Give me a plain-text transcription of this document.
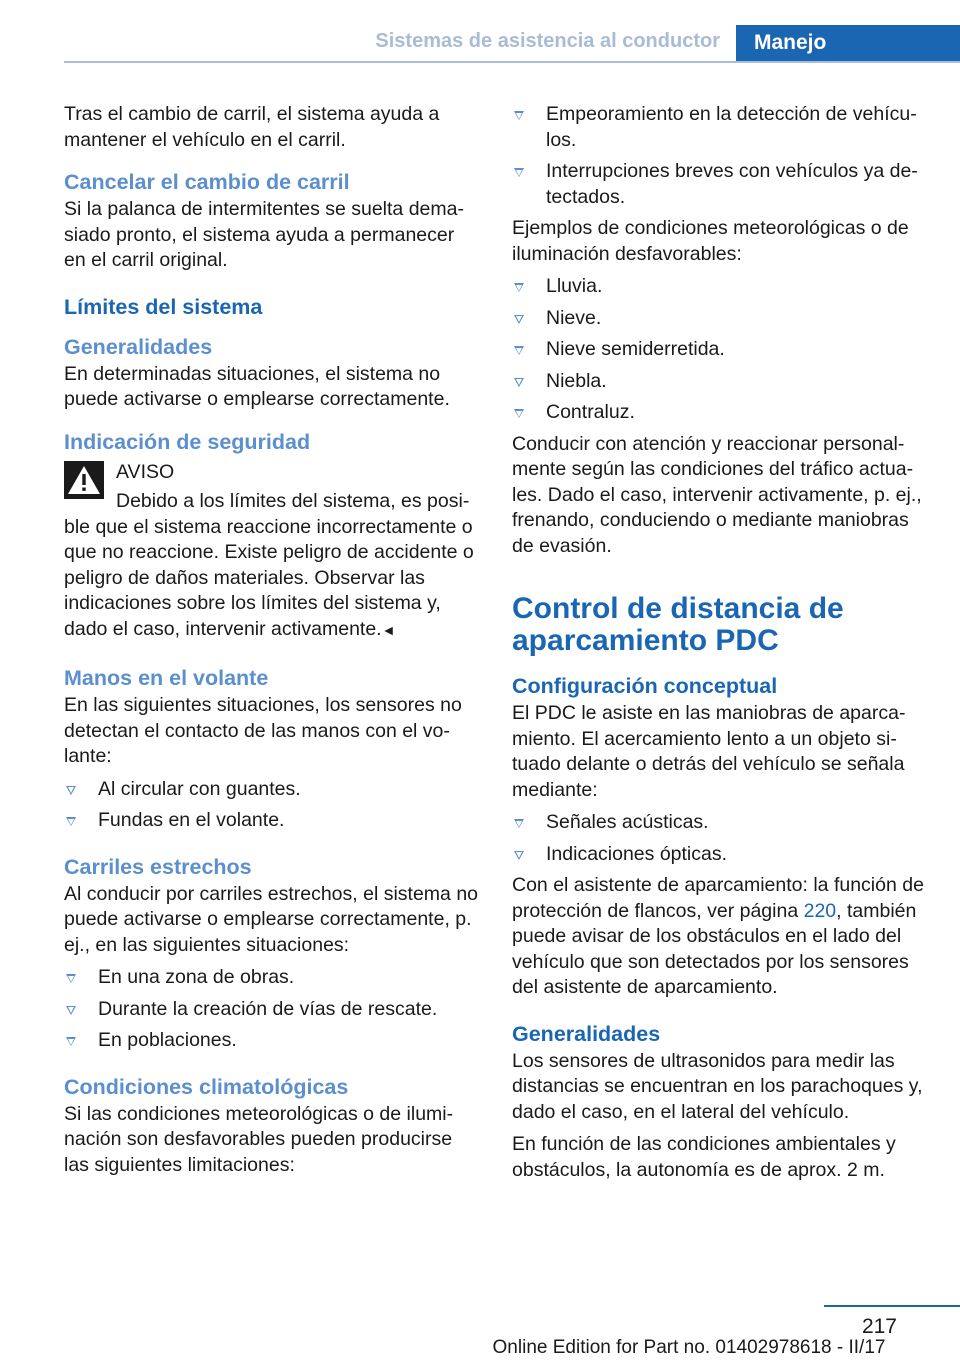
Sistemas de asistencia al conductor	Manejo

Tras el cambio de carril, el sistema ayuda a mantener el vehículo en el carril.

Cancelar el cambio de carril

Si la palanca de intermitentes se suelta demasiado pronto, el sistema ayuda a permanecer en el carril original.

Límites del sistema
Generalidades

En determinadas situaciones, el sistema no puede activarse o emplearse correctamente.

Indicación de seguridad
AVISO

Debido a los límites del sistema, es posible que el sistema reaccione incorrectamente o que no reaccione. Existe peligro de accidente o peligro de daños materiales. Observar las indicaciones sobre los límites del sistema y, dado el caso, intervenir activamente.◄

Manos en el volante

En las siguientes situaciones, los sensores no detectan el contacto de las manos con el volante:

Al circular con guantes.
Fundas en el volante.
Carriles estrechos

Al conducir por carriles estrechos, el sistema no puede activarse o emplearse correctamente, p. ej., en las siguientes situaciones:

En una zona de obras.
Durante la creación de vías de rescate.
En poblaciones.
Condiciones climatológicas

Si las condiciones meteorológicas o de iluminación son desfavorables pueden producirse las siguientes limitaciones:

Empeoramiento en la detección de vehículos.
Interrupciones breves con vehículos ya detectados.

Ejemplos de condiciones meteorológicas o de iluminación desfavorables:

Lluvia.
Nieve.
Nieve semiderretida.
Niebla.
Contraluz.

Conducir con atención y reaccionar personalmente según las condiciones del tráfico actuales. Dado el caso, intervenir activamente, p. ej., frenando, conduciendo o mediante maniobras de evasión.

Control de distancia de aparcamiento PDC
Configuración conceptual

El PDC le asiste en las maniobras de aparcamiento. El acercamiento lento a un objeto situado delante o detrás del vehículo se señala mediante:

Señales acústicas.
Indicaciones ópticas.

Con el asistente de aparcamiento: la función de protección de flancos, ver página 220, también puede avisar de los obstáculos en el lado del vehículo que son detectados por los sensores del asistente de aparcamiento.

Generalidades

Los sensores de ultrasonidos para medir las distancias se encuentran en los parachoques y, dado el caso, en el lateral del vehículo.

En función de las condiciones ambientales y obstáculos, la autonomía es de aprox. 2 m.

217
Online Edition for Part no. 01402978618 - II/17
